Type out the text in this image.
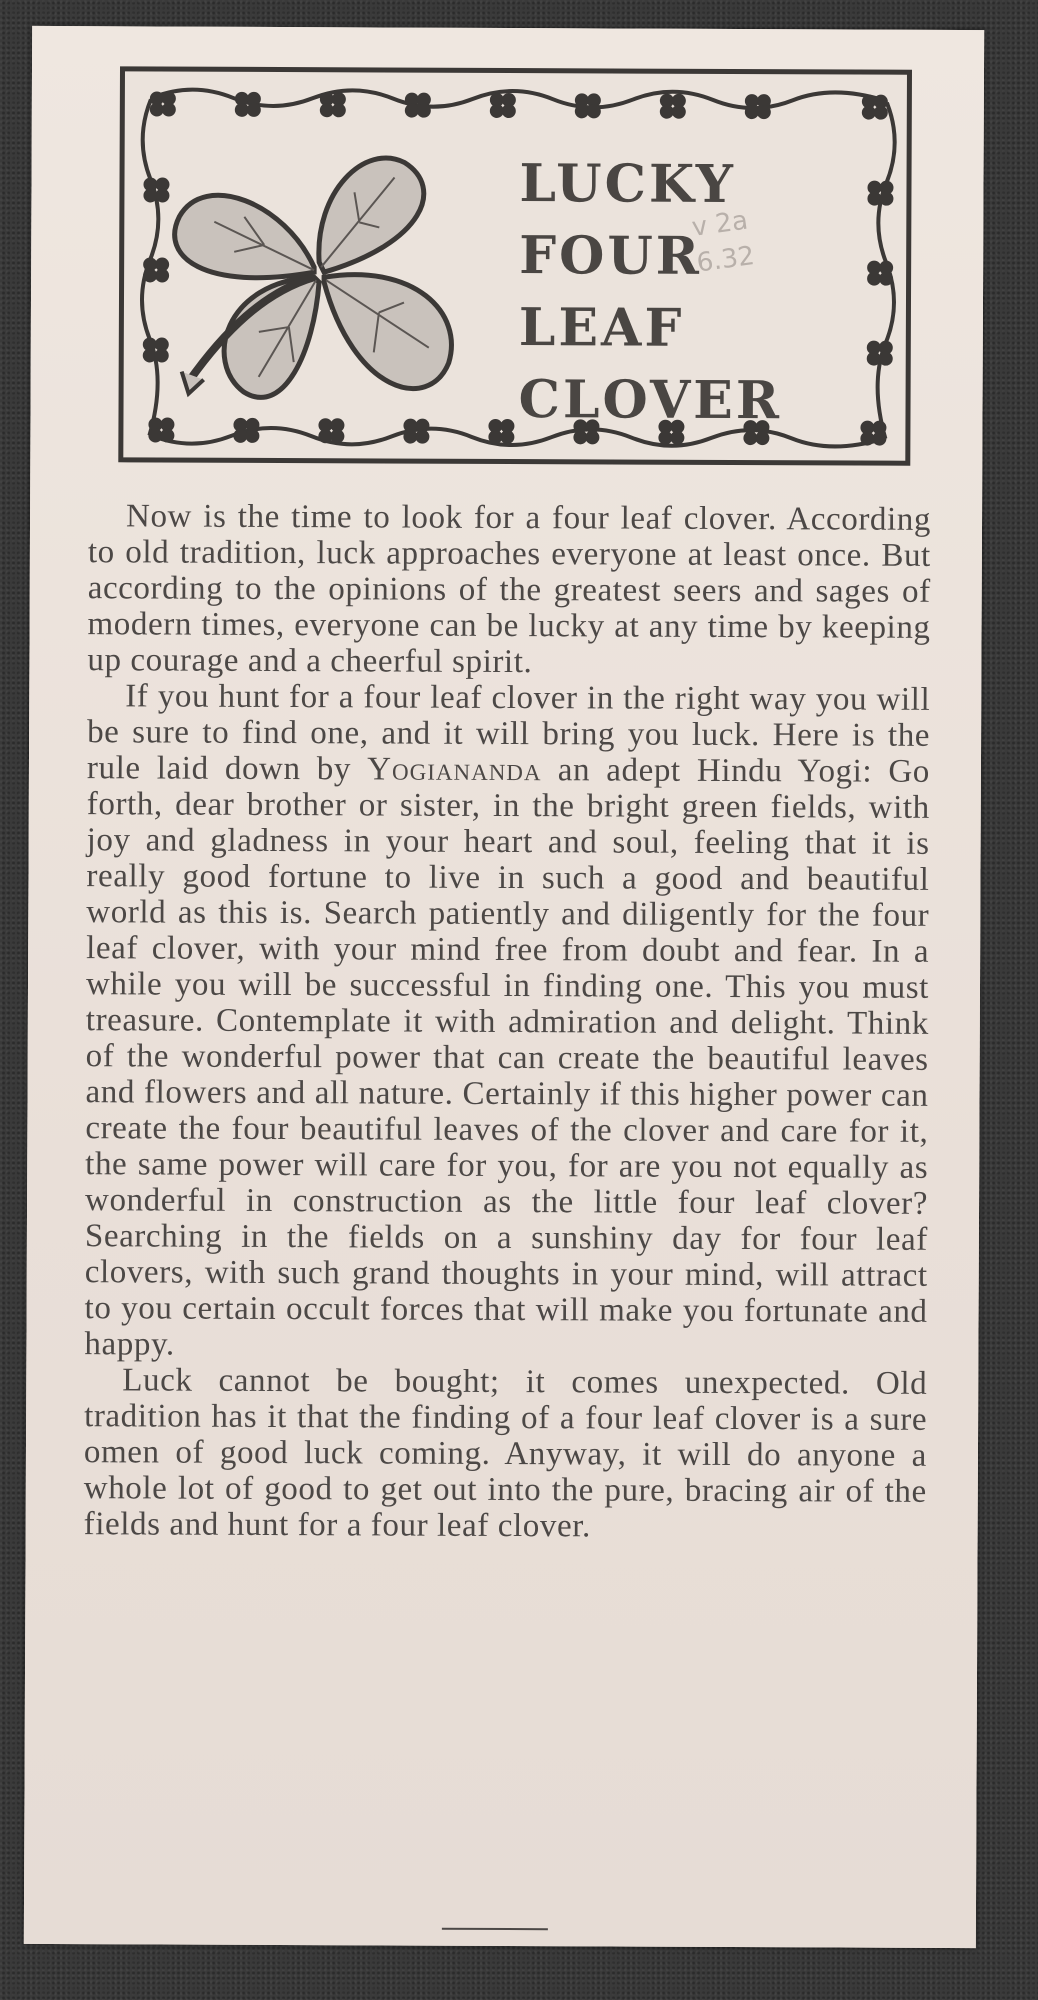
LUCKY
FOUR
LEAF
CLOVER
v 2a
6.32

Now is the time to look for a four leaf clover. According to old tradition, luck approaches everyone at least once. But according to the opinions of the greatest seers and sages of modern times, everyone can be lucky at any time by keeping up courage and a cheerful spirit.

If you hunt for a four leaf clover in the right way you will be sure to find one, and it will bring you luck. Here is the rule laid down by Yogiananda an adept Hindu Yogi: Go forth, dear brother or sister, in the bright green fields, with joy and gladness in your heart and soul, feeling that it is really good fortune to live in such a good and beautiful world as this is. Search patiently and diligently for the four leaf clover, with your mind free from doubt and fear. In a while you will be successful in finding one. This you must treasure. Contemplate it with admiration and delight. Think of the wonderful power that can create the beautiful leaves and flowers and all nature. Certainly if this higher power can create the four beautiful leaves of the clover and care for it, the same power will care for you, for are you not equally as wonderful in construction as the little four leaf clover? Searching in the fields on a sunshiny day for four leaf clovers, with such grand thoughts in your mind, will attract to you certain occult forces that will make you fortunate and happy.

Luck cannot be bought; it comes unexpected. Old tradition has it that the finding of a four leaf clover is a sure omen of good luck coming. Anyway, it will do anyone a whole lot of good to get out into the pure, bracing air of the fields and hunt for a four leaf clover.
